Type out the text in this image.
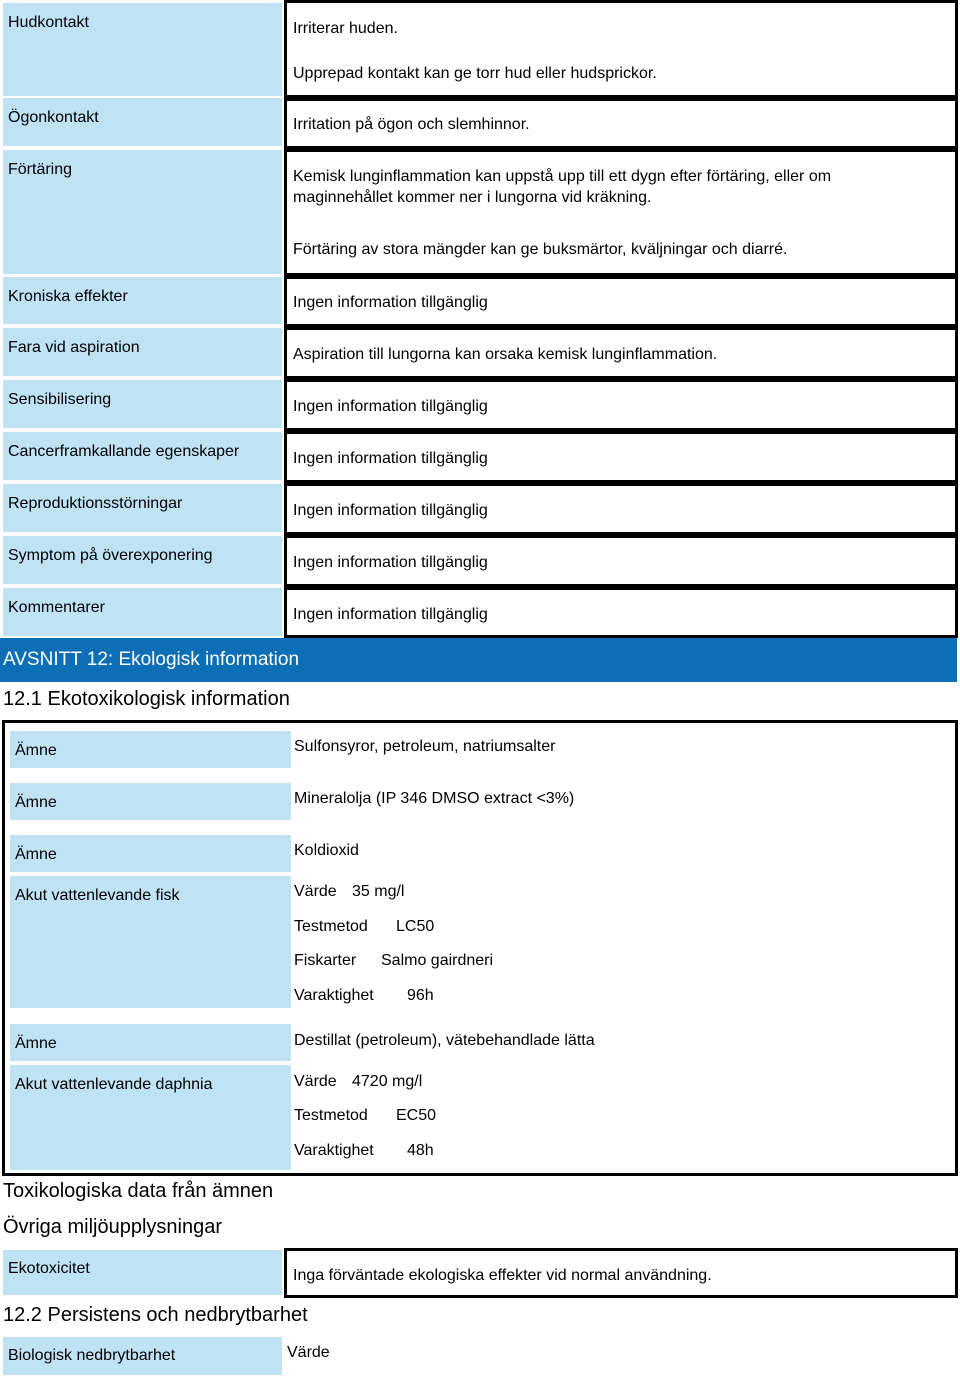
Hudkontakt	Irriterar huden.
Upprepad kontakt kan ge torr hud eller hudsprickor.
Ögonkontakt	Irritation på ögon och slemhinnor.
Förtäring	Kemisk lunginflammation kan uppstå upp till ett dygn efter förtäring, eller om
maginnehållet kommer ner i lungorna vid kräkning.
Förtäring av stora mängder kan ge buksmärtor, kväljningar och diarré.
Kroniska effekter	Ingen information tillgänglig
Fara vid aspiration	Aspiration till lungorna kan orsaka kemisk lunginflammation.
Sensibilisering	Ingen information tillgänglig
Cancerframkallande egenskaper	Ingen information tillgänglig
Reproduktionsstörningar	Ingen information tillgänglig
Symptom på överexponering	Ingen information tillgänglig
Kommentarer	Ingen information tillgänglig
AVSNITT 12: Ekologisk information
12.1 Ekotoxikologisk information
Ämne	Sulfonsyror, petroleum, natriumsalter
Ämne	Mineralolja (IP 346 DMSO extract <3%)
Ämne	Koldioxid
Akut vattenlevande fisk	Värde 35 mg/l
Testmetod LC50
Fiskarter Salmo gairdneri
Varaktighet 96h
Ämne	Destillat (petroleum), vätebehandlade lätta
Akut vattenlevande daphnia	Värde 4720 mg/l
Testmetod EC50
Varaktighet 48h
Toxikologiska data från ämnen
Övriga miljöupplysningar
Ekotoxicitet	Inga förväntade ekologiska effekter vid normal användning.
12.2 Persistens och nedbrytbarhet
Biologisk nedbrytbarhet	Värde
